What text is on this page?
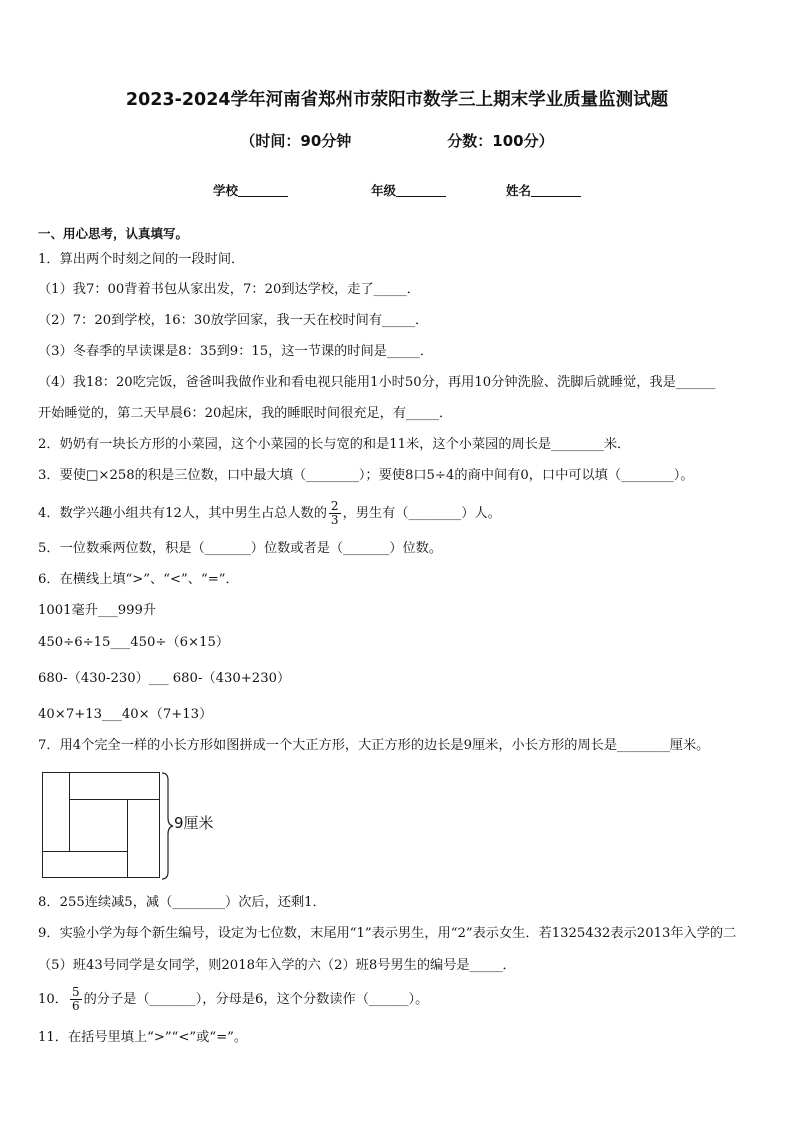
2023-2024学年河南省郑州市荥阳市数学三上期末学业质量监测试题
（时间：90分钟	分数：100分）
学校	年级	姓名
一、用心思考，认真填写。
1．算出两个时刻之间的一段时间．
（1）我7：00背着书包从家出发，7：20到达学校，走了_____．
（2）7：20到学校，16：30放学回家，我一天在校时间有_____．
（3）冬春季的早读课是8：35到9：15，这一节课的时间是_____．
（4）我18：20吃完饭，爸爸叫我做作业和看电视只能用1小时50分，再用10分钟洗脸、洗脚后就睡觉，我是______
开始睡觉的，第二天早晨6：20起床，我的睡眠时间很充足，有_____．
2．奶奶有一块长方形的小菜园，这个小菜园的长与宽的和是11米，这个小菜园的周长是________米．
3．要使□×258的积是三位数，口中最大填（________）；要使8口5÷4的商中间有0，口中可以填（________）。
4．数学兴趣小组共有12人，其中男生占总人数的 $\frac{2}{3}$ ，男生有（________）人。
5．一位数乘两位数，积是（_______）位数或者是（_______）位数。
6．在横线上填“>”、“<”、“=”．
1001毫升___999升
450÷6÷15___450÷（6×15）
680-（430-230）___ 680-（430+230）
40×7+13___40×（7+13）
7．用4个完全一样的小长方形如图拼成一个大正方形，大正方形的边长是9厘米，小长方形的周长是________厘米。
9厘米
8．255连续减5，减（________）次后，还剩1．
9．实验小学为每个新生编号，设定为七位数，末尾用“1”表示男生，用“2”表示女生．若1325432表示2013年入学的二
（5）班43号同学是女同学，则2018年入学的六（2）班8号男生的编号是_____．
10． $\frac{5}{6}$ 的分子是（_______），分母是6，这个分数读作（______）。
11．在括号里填上“>”“<”或“=”。
